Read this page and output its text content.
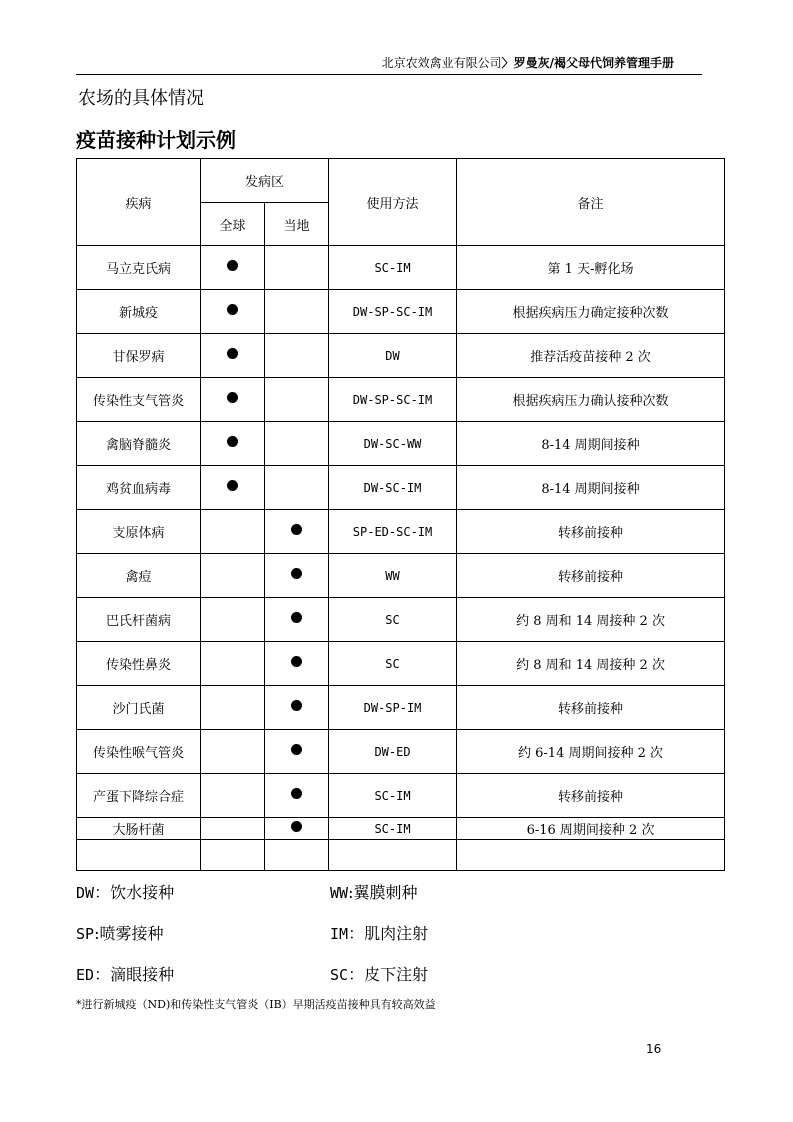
北京农效禽业有限公司〉罗曼灰/褐父母代饲养管理手册
农场的具体情况
疫苗接种计划示例
疾病	发病区		使用方法	备注
	全球	当地		
马立克氏病			SC-IM	第 1 天-孵化场
新城疫			DW-SP-SC-IM	根据疾病压力确定接种次数
甘保罗病			DW	推荐活疫苗接种 2 次
传染性支气管炎			DW-SP-SC-IM	根据疾病压力确认接种次数
禽脑脊髓炎			DW-SC-WW	8-14 周期间接种
鸡贫血病毒			DW-SC-IM	8-14 周期间接种
支原体病			SP-ED-SC-IM	转移前接种
禽痘			WW	转移前接种
巴氏杆菌病			SC	约 8 周和 14 周接种 2 次
传染性鼻炎			SC	约 8 周和 14 周接种 2 次
沙门氏菌			DW-SP-IM	转移前接种
传染性喉气管炎			DW-ED	约 6-14 周期间接种 2 次
产蛋下降综合症			SC-IM	转移前接种
大肠杆菌			SC-IM	6-16 周期间接种 2 次

DW：饮水接种	WW:翼膜刺种
SP:喷雾接种	IM：肌肉注射
ED：滴眼接种	SC：皮下注射
*进行新城疫（ND)和传染性支气管炎（IB）早期活疫苗接种具有较高效益
16
